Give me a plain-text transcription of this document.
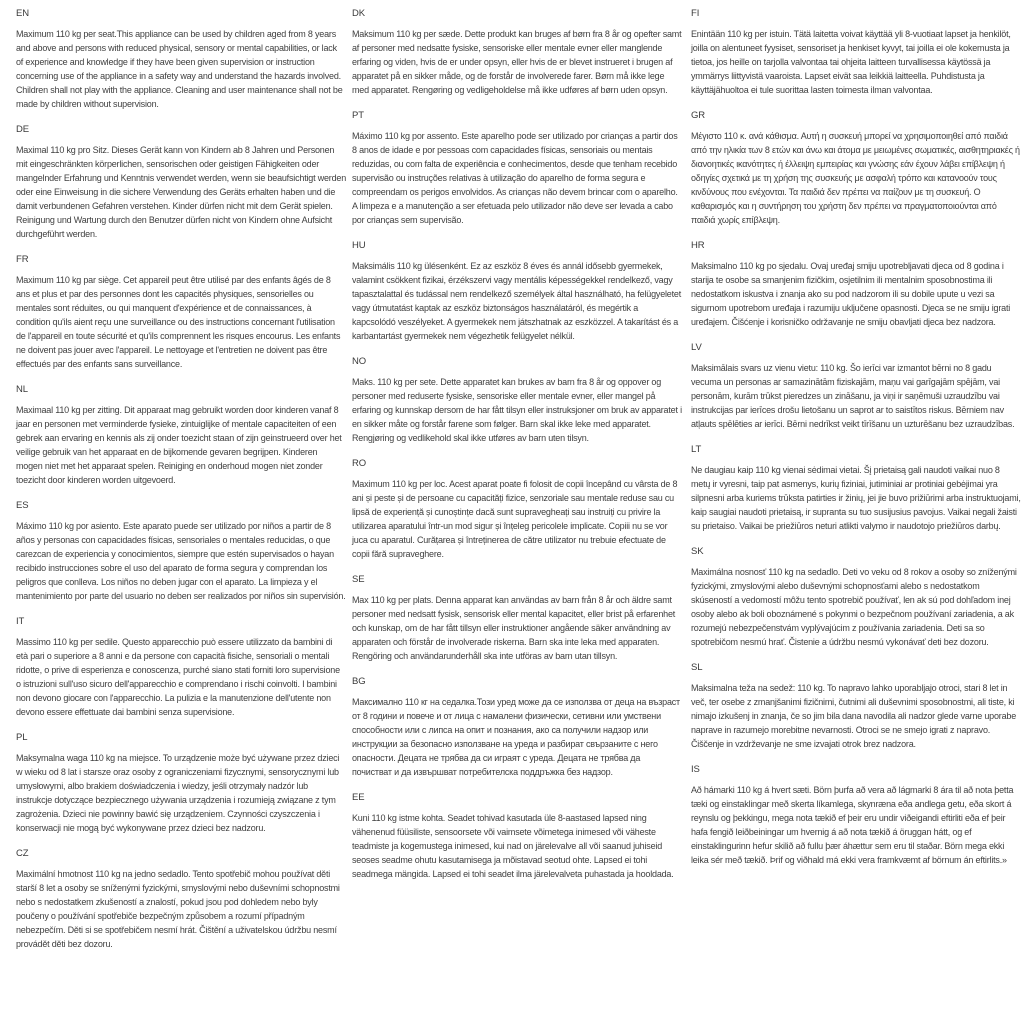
EN
Maximum 110 kg per seat.This appliance can be used by children aged from 8 years and above and persons with reduced physical, sensory or mental capabilities, or lack of experience and knowledge if they have been given supervision or instruction concerning use of the appliance in a safety way and understand the hazards involved. Children shall not play with the appliance. Cleaning and user maintenance shall not be made by children without supervision.
DE
Maximal 110 kg pro Sitz. Dieses Gerät kann von Kindern ab 8 Jahren und Personen mit eingeschränkten körperlichen, sensorischen oder geistigen Fähigkeiten oder mangelnder Erfahrung und Kenntnis verwendet werden, wenn sie beaufsichtigt werden oder eine Einweisung in die sichere Verwendung des Geräts erhalten haben und die damit verbundenen Gefahren verstehen. Kinder dürfen nicht mit dem Gerät spielen. Reinigung und Wartung durch den Benutzer dürfen nicht von Kindern ohne Aufsicht durchgeführt werden.
FR
Maximum 110 kg par siège. Cet appareil peut être utilisé par des enfants âgés de 8 ans et plus et par des personnes dont les capacités physiques, sensorielles ou mentales sont réduites, ou qui manquent d'expérience et de connaissances, à condition qu'ils aient reçu une surveillance ou des instructions concernant l'utilisation de l'appareil en toute sécurité et qu'ils comprennent les risques encourus. Les enfants ne doivent pas jouer avec l'appareil. Le nettoyage et l'entretien ne doivent pas être effectués par des enfants sans surveillance.
NL
Maximaal 110 kg per zitting. Dit apparaat mag gebruikt worden door kinderen vanaf 8 jaar en personen met verminderde fysieke, zintuiglijke of mentale capaciteiten of een gebrek aan ervaring en kennis als zij onder toezicht staan of zijn geinstrueerd over het veilige gebruik van het apparaat en de bijkomende gevaren begrijpen. Kinderen mogen niet met het apparaat spelen. Reiniging en onderhoud mogen niet zonder toezicht door kinderen worden uitgevoerd.
ES
Máximo 110 kg por asiento. Este aparato puede ser utilizado por niños a partir de 8 años y personas con capacidades físicas, sensoriales o mentales reducidas, o que carezcan de experiencia y conocimientos, siempre que estén supervisados o hayan recibido instrucciones sobre el uso del aparato de forma segura y comprendan los peligros que conlleva. Los niños no deben jugar con el aparato. La limpieza y el mantenimiento por parte del usuario no deben ser realizados por niños sin supervisión.
IT
Massimo 110 kg per sedile. Questo apparecchio può essere utilizzato da bambini di età pari o superiore a 8 anni e da persone con capacità fisiche, sensoriali o mentali ridotte, o prive di esperienza e conoscenza, purché siano stati forniti loro supervisione o istruzioni sull'uso sicuro dell'apparecchio e comprendano i rischi coinvolti. I bambini non devono giocare con l'apparecchio. La pulizia e la manutenzione dell'utente non devono essere effettuate dai bambini senza supervisione.
PL
Maksymalna waga 110 kg na miejsce. To urządzenie może być używane przez dzieci w wieku od 8 lat i starsze oraz osoby z ograniczeniami fizycznymi, sensorycznymi lub umysłowymi, albo brakiem doświadczenia i wiedzy, jeśli otrzymały nadzór lub instrukcje dotyczące bezpiecznego używania urządzenia i rozumieją związane z tym zagrożenia. Dzieci nie powinny bawić się urządzeniem. Czynności czyszczenia i konserwacji nie mogą być wykonywane przez dzieci bez nadzoru.
CZ
Maximální hmotnost 110 kg na jedno sedadlo. Tento spotřebič mohou používat děti starší 8 let a osoby se sníženými fyzickými, smyslovými nebo duševními schopnostmi nebo s nedostatkem zkušeností a znalostí, pokud jsou pod dohledem nebo byly poučeny o používání spotřebiče bezpečným způsobem a rozumí případným nebezpečím. Děti si se spotřebičem nesmí hrát. Čištění a uživatelskou údržbu nesmí provádět děti bez dozoru.
DK
Maksimum 110 kg per sæde. Dette produkt kan bruges af børn fra 8 år og opefter samt af personer med nedsatte fysiske, sensoriske eller mentale evner eller manglende erfaring og viden, hvis de er under opsyn, eller hvis de er blevet instrueret i brugen af apparatet på en sikker måde, og de forstår de involverede farer. Børn må ikke lege med apparatet. Rengøring og vedligeholdelse må ikke udføres af børn uden opsyn.
PT
Máximo 110 kg por assento. Este aparelho pode ser utilizado por crianças a partir dos 8 anos de idade e por pessoas com capacidades físicas, sensoriais ou mentais reduzidas, ou com falta de experiência e conhecimentos, desde que tenham recebido supervisão ou instruções relativas à utilização do aparelho de forma segura e compreendam os perigos envolvidos. As crianças não devem brincar com o aparelho. A limpeza e a manutenção a ser efetuada pelo utilizador não deve ser levada a cabo por crianças sem supervisão.
HU
Maksimális 110 kg ülésenként. Ez az eszköz 8 éves és annál idősebb gyermekek, valamint csökkent fizikai, érzékszervi vagy mentális képességekkel rendelkező, vagy tapasztalattal és tudással nem rendelkező személyek által használható, ha felügyeletet vagy útmutatást kaptak az eszköz biztonságos használatáról, és megértik a kapcsolódó veszélyeket. A gyermekek nem játszhatnak az eszközzel. A takarítást és a karbantartást gyermekek nem végezhetik felügyelet nélkül.
NO
Maks. 110 kg per sete. Dette apparatet kan brukes av barn fra 8 år og oppover og personer med reduserte fysiske, sensoriske eller mentale evner, eller mangel på erfaring og kunnskap dersom de har fått tilsyn eller instruksjoner om bruk av apparatet i en sikker måte og forstår farene som følger. Barn skal ikke leke med apparatet. Rengjøring og vedlikehold skal ikke utføres av barn uten tilsyn.
RO
Maximum 110 kg per loc. Acest aparat poate fi folosit de copii începând cu vârsta de 8 ani și peste și de persoane cu capacități fizice, senzoriale sau mentale reduse sau cu lipsă de experiență și cunoștințe dacă sunt supravegheați sau instruiți cu privire la utilizarea aparatului într-un mod sigur și înțeleg pericolele implicate. Copiii nu se vor juca cu aparatul. Curățarea și întreținerea de către utilizator nu trebuie efectuate de copii fără supraveghere.
SE
Max 110 kg per plats. Denna apparat kan användas av barn från 8 år och äldre samt personer med nedsatt fysisk, sensorisk eller mental kapacitet, eller brist på erfarenhet och kunskap, om de har fått tillsyn eller instruktioner angående säker användning av apparaten och förstår de involverade riskerna. Barn ska inte leka med apparaten. Rengöring och användarunderhåll ska inte utföras av barn utan tillsyn.
BG
Максимално 110 кг на седалка.Този уред може да се използва от деца на възраст от 8 години и повече и от лица с намалени физически, сетивни или умствени способности или с липса на опит и познания, ако са получили надзор или инструкции за безопасно използване на уреда и разбират свързаните с него опасности. Децата не трябва да си играят с уреда. Децата не трябва да почистват и да извършват потребителска поддръжка без надзор.
EE
Kuni 110 kg istme kohta. Seadet tohivad kasutada üle 8-aastased lapsed ning vähenenud füüsiliste, sensoorsete või vaimsete võimetega inimesed või väheste teadmiste ja kogemustega inimesed, kui nad on järelevalve all või saanud juhiseid seoses seadme ohutu kasutamisega ja mõistavad seotud ohte. Lapsed ei tohi seadmega mängida. Lapsed ei tohi seadet ilma järelevalveta puhastada ja hooldada.
FI
Enintään 110 kg per istuin. Tätä laitetta voivat käyttää yli 8-vuotiaat lapset ja henkilöt, joilla on alentuneet fyysiset, sensoriset ja henkiset kyvyt, tai joilla ei ole kokemusta ja tietoa, jos heille on tarjolla valvontaa tai ohjeita laitteen turvallisessa käytössä ja ymmärrys liittyvistä vaaroista. Lapset eivät saa leikkiä laitteella. Puhdistusta ja käyttäjähuoltoa ei tule suorittaa lasten toimesta ilman valvontaa.
GR
Μέγιστο 110 κ. ανά κάθισμα. Αυτή η συσκευή μπορεί να χρησιμοποιηθεί από παιδιά από την ηλικία των 8 ετών και άνω και άτομα με μειωμένες σωματικές, αισθητηριακές ή διανοητικές ικανότητες ή έλλειψη εμπειρίας και γνώσης εάν έχουν λάβει επίβλεψη ή οδηγίες σχετικά με τη χρήση της συσκευής με ασφαλή τρόπο και κατανοούν τους κινδύνους που ενέχονται. Τα παιδιά δεν πρέπει να παίζουν με τη συσκευή. Ο καθαρισμός και η συντήρηση του χρήστη δεν πρέπει να πραγματοποιούνται από παιδιά χωρίς επίβλεψη.
HR
Maksimalno 110 kg po sjedalu. Ovaj uređaj smiju upotrebljavati djeca od 8 godina i starija te osobe sa smanjenim fizičkim, osjetilnim ili mentalnim sposobnostima ili nedostatkom iskustva i znanja ako su pod nadzorom ili su dobile upute u vezi sa sigurnom upotrebom uređaja i razumiju uključene opasnosti. Djeca se ne smiju igrati uređajem. Čišćenje i korisničko održavanje ne smiju obavljati djeca bez nadzora.
LV
Maksimālais svars uz vienu vietu: 110 kg. Šo ierīci var izmantot bērni no 8 gadu vecuma un personas ar samazinātām fiziskajām, maņu vai garīgajām spējām, vai personām, kurām trūkst pieredzes un zināšanu, ja viņi ir saņēmuši uzraudzību vai instrukcijas par ierīces drošu lietošanu un saprot ar to saistītos riskus. Bērniem nav atļauts spēlēties ar ierīci. Bērni nedrīkst veikt tīrīšanu un uzturēšanu bez uzraudzības.
LT
Ne daugiau kaip 110 kg vienai sėdimai vietai. Šį prietaisą gali naudoti vaikai nuo 8 metų ir vyresni, taip pat asmenys, kurių fiziniai, jutiminiai ar protiniai gebėjimai yra silpnesni arba kuriems trūksta patirties ir žinių, jei jie buvo prižiūrimi arba instruktuojami, kaip saugiai naudoti prietaisą, ir supranta su tuo susijusius pavojus. Vaikai negali žaisti su prietaiso. Vaikai be priežiūros neturi atlikti valymo ir naudotojo priežiūros darbų.
SK
Maximálna nosnosť 110 kg na sedadlo. Deti vo veku od 8 rokov a osoby so zníženými fyzickými, zmyslovými alebo duševnými schopnosťami alebo s nedostatkom skúseností a vedomostí môžu tento spotrebič používať, len ak sú pod dohľadom inej osoby alebo ak boli oboznámené s pokynmi o bezpečnom používaní zariadenia, a ak rozumejú nebezpečenstvám vyplývajúcim z používania zariadenia. Deti sa so spotrebičom nesmú hrať. Čistenie a údržbu nesmú vykonávať deti bez dozoru.
SL
Maksimalna teža na sedež: 110 kg. To napravo lahko uporabljajo otroci, stari 8 let in več, ter osebe z zmanjšanimi fizičnimi, čutnimi ali duševnimi sposobnostmi, ali tiste, ki nimajo izkušenj in znanja, če so jim bila dana navodila ali nadzor glede varne uporabe naprave in razumejo morebitne nevarnosti. Otroci se ne smejo igrati z napravo. Čiščenje in vzdrževanje ne sme izvajati otrok brez nadzora.
IS
Að hámarki 110 kg á hvert sæti. Börn þurfa að vera að lágmarki 8 ára til að nota þetta tæki og einstaklingar með skerta líkamlega, skynræna eða andlega getu, eða skort á reynslu og þekkingu, mega nota tækið ef þeir eru undir viðeigandi eftirliti eða ef þeir hafa fengið leiðbeiningar um hvernig á að nota tækið á öruggan hátt, og ef einstaklingurinn hefur skilið að fullu þær áhættur sem eru til staðar. Börn mega ekki leika sér með tækið. Þrif og viðhald má ekki vera framkvæmt af börnum án eftirlits.»
